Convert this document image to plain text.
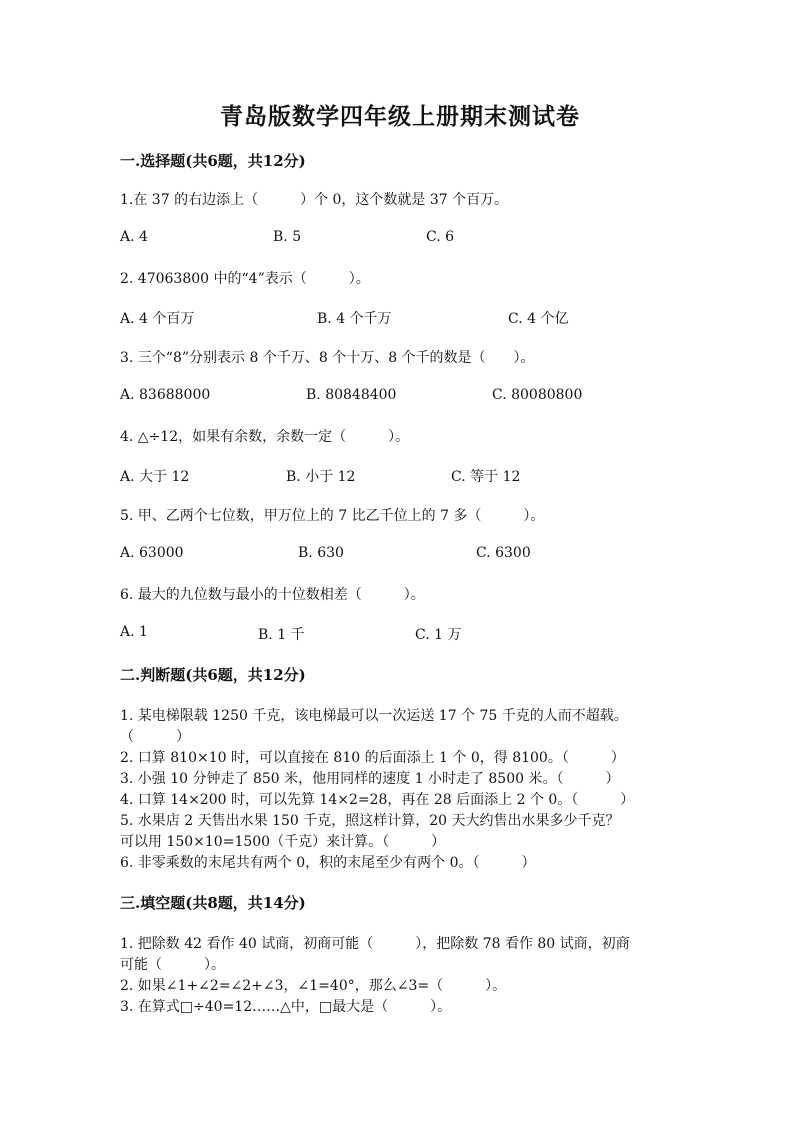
青岛版数学四年级上册期末测试卷
一.选择题(共6题，共12分)
1.在 37 的右边添上（　　　）个 0，这个数就是 37 个百万。
A. 4	B. 5	C. 6
2. 47063800 中的“4”表示（　　　）。
A. 4 个百万	B. 4 个千万	C. 4 个亿
3. 三个“8”分别表示 8 个千万、8 个十万、8 个千的数是（　　）。
A. 83688000	B. 80848400	C. 80080800
4. △÷12，如果有余数，余数一定（　　　）。
A. 大于 12	B. 小于 12	C. 等于 12
5. 甲、乙两个七位数，甲万位上的 7 比乙千位上的 7 多（　　　）。
A. 63000	B. 630	C. 6300
6. 最大的九位数与最小的十位数相差（　　　）。
A. 1	B. 1 千	C. 1 万
二.判断题(共6题，共12分)
1. 某电梯限载 1250 千克，该电梯最可以一次运送 17 个 75 千克的人而不超载。
（　　　）
2. 口算 810×10 时，可以直接在 810 的后面添上 1 个 0，得 8100。（　　　）
3. 小强 10 分钟走了 850 米，他用同样的速度 1 小时走了 8500 米。（　　　）
4. 口算 14×200 时，可以先算 14×2=28，再在 28 后面添上 2 个 0。（　　　）
5. 水果店 2 天售出水果 150 千克，照这样计算，20 天大约售出水果多少千克？
可以用 150×10=1500（千克）来计算。（　　　）
6. 非零乘数的末尾共有两个 0，积的末尾至少有两个 0。（　　　）
三.填空题(共8题，共14分)
1. 把除数 42 看作 40 试商，初商可能（　　　），把除数 78 看作 80 试商，初商
可能（　　　）。
2. 如果∠1+∠2=∠2+∠3，∠1=40°，那么∠3=（　　　）。
3. 在算式□÷40=12……△中，□最大是（　　　）。
